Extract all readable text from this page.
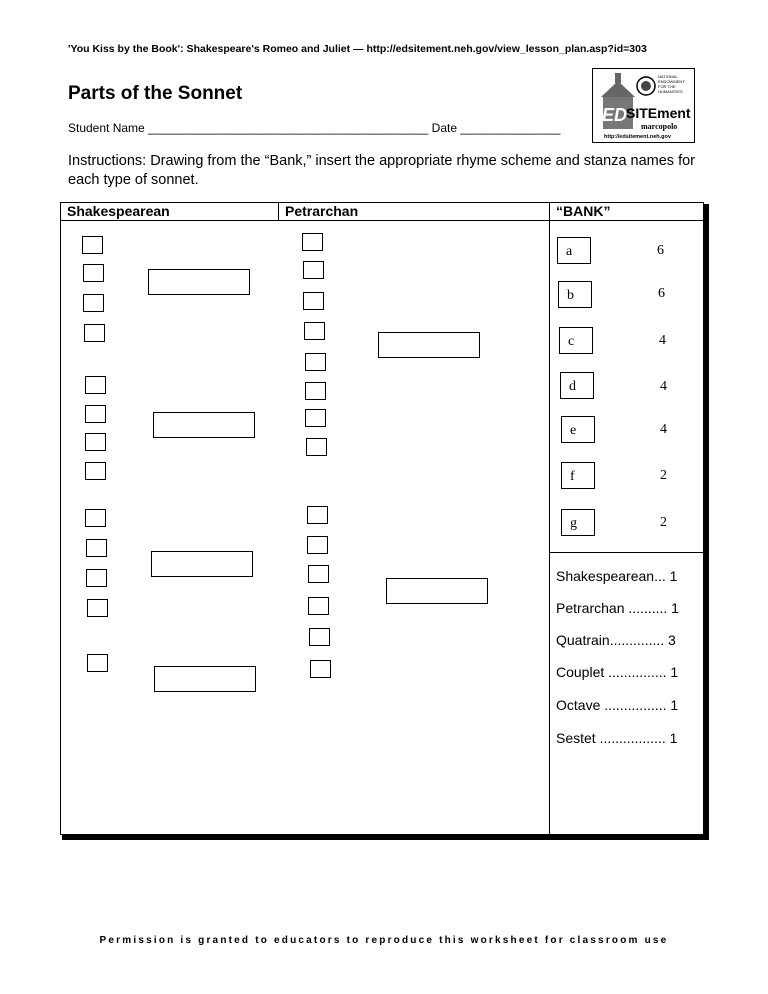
'You Kiss by the Book': Shakespeare's Romeo and Juliet — http://edsitement.neh.gov/view_lesson_plan.asp?id=303
Parts of the Sonnet
Student Name __________________________________________ Date _______________
Instructions: Drawing from the “Bank,” insert the appropriate rhyme scheme and stanza names for each type of sonnet.
ED
SITEment
marcopolo
http://edsitement.neh.gov
NATIONAL
ENDOWMENT
FOR THE
HUMANITIES
Shakespearean	Petrarchan	“BANK”
a	6
b	6
c	4
d	4
e	4
f	2
g	2
Shakespearean... 1
Petrarchan .......... 1
Quatrain.............. 3
Couplet ............... 1
Octave ................ 1
Sestet ................. 1
Permission is granted to educators to reproduce this worksheet for classroom use
